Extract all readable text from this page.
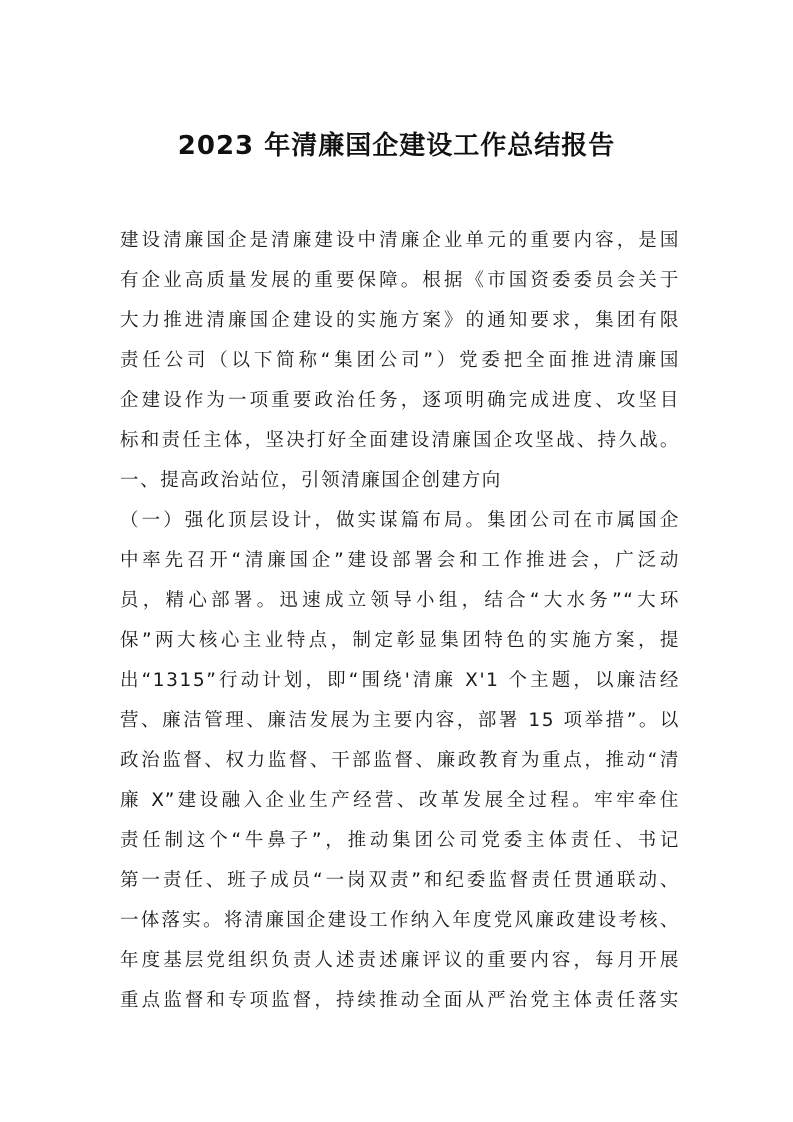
2023 年清廉国企建设工作总结报告
建设清廉国企是清廉建设中清廉企业单元的重要内容，是国
有企业高质量发展的重要保障。根据《市国资委委员会关于
大力推进清廉国企建设的实施方案》的通知要求，集团有限
责任公司（以下简称“集团公司”）党委把全面推进清廉国
企建设作为一项重要政治任务，逐项明确完成进度、攻坚目
标和责任主体，坚决打好全面建设清廉国企攻坚战、持久战。
一、提高政治站位，引领清廉国企创建方向
（一）强化顶层设计，做实谋篇布局。集团公司在市属国企
中率先召开“清廉国企”建设部署会和工作推进会，广泛动
员，精心部署。迅速成立领导小组，结合“大水务”“大环
保”两大核心主业特点，制定彰显集团特色的实施方案，提
出“1315”行动计划，即“围绕'清廉 X'1 个主题，以廉洁经
营、廉洁管理、廉洁发展为主要内容，部署 15 项举措”。以
政治监督、权力监督、干部监督、廉政教育为重点，推动“清
廉 X”建设融入企业生产经营、改革发展全过程。牢牢牵住
责任制这个“牛鼻子”，推动集团公司党委主体责任、书记
第一责任、班子成员“一岗双责”和纪委监督责任贯通联动、
一体落实。将清廉国企建设工作纳入年度党风廉政建设考核、
年度基层党组织负责人述责述廉评议的重要内容，每月开展
重点监督和专项监督，持续推动全面从严治党主体责任落实
